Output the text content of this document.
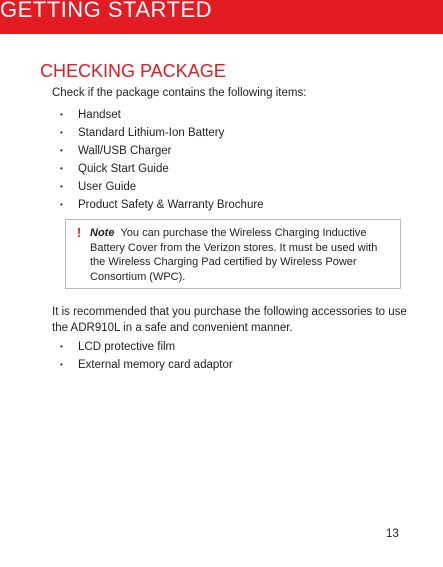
GETTING STARTED
CHECKING PACKAGE

Check if the package contains the following items:

• Handset
• Standard Lithium-Ion Battery
• Wall/USB Charger
• Quick Start Guide
• User Guide
• Product Safety & Warranty Brochure
! Note You can purchase the Wireless Charging Inductive Battery Cover from the Verizon stores. It must be used with the Wireless Charging Pad certified by Wireless Power Consortium (WPC).

It is recommended that you purchase the following accessories to use the ADR910L in a safe and convenient manner.

• LCD protective film
• External memory card adaptor
13
